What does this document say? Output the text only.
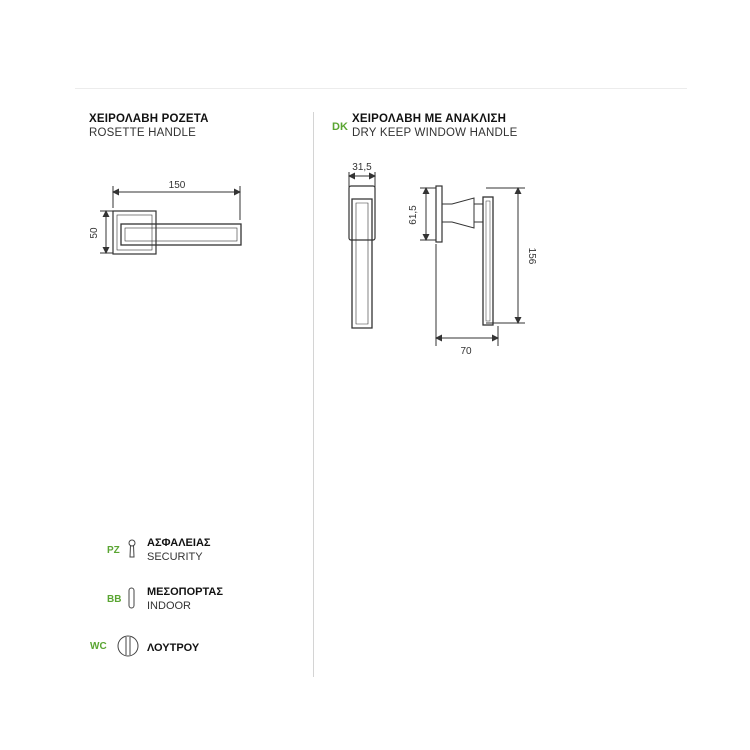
ΧΕΙΡΟΛΑΒΗ ΡΟΖΕΤΑ
ROSETTE HANDLE	DK
ΧΕΙΡΟΛΑΒΗ ΜΕ ΑΝΑΚΛΙΣΗ
DRY KEEP WINDOW HANDLE
150
50
31,5
61,5
156
70
PZ
ΑΣΦΑΛΕΙΑΣ
SECURITY
BB
ΜΕΣΟΠΟΡΤΑΣ
INDOOR
WC	ΛΟΥΤΡΟΥ
